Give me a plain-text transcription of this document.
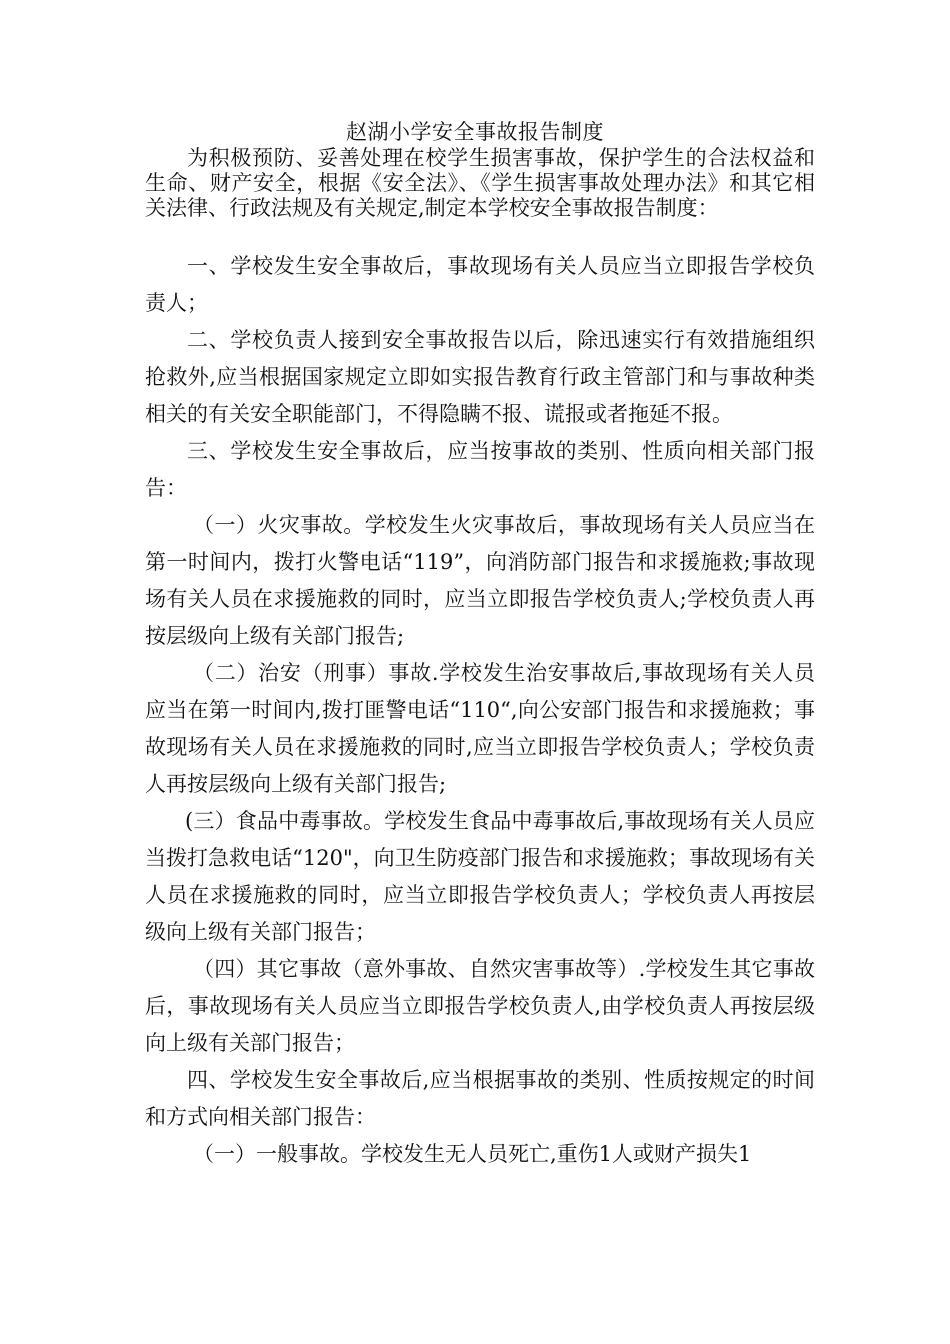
赵湖小学安全事故报告制度
为积极预防、妥善处理在校学生损害事故，保护学生的合法权益和生命、财产安全，根据《安全法》、《学生损害事故处理办法》和其它相关法律、行政法规及有关规定,制定本学校安全事故报告制度：

一、学校发生安全事故后，事故现场有关人员应当立即报告学校负责人；

二、学校负责人接到安全事故报告以后，除迅速实行有效措施组织抢救外,应当根据国家规定立即如实报告教育行政主管部门和与事故种类相关的有关安全职能部门，不得隐瞒不报、谎报或者拖延不报。

三、学校发生安全事故后，应当按事故的类别、性质向相关部门报告：

（一）火灾事故。学校发生火灾事故后，事故现场有关人员应当在第一时间内，拨打火警电话“119”，向消防部门报告和求援施救;事故现场有关人员在求援施救的同时，应当立即报告学校负责人;学校负责人再按层级向上级有关部门报告;

（二）治安（刑事）事故.学校发生治安事故后,事故现场有关人员应当在第一时间内,拨打匪警电话“110“,向公安部门报告和求援施救；事故现场有关人员在求援施救的同时,应当立即报告学校负责人；学校负责人再按层级向上级有关部门报告;

(三）食品中毒事故。学校发生食品中毒事故后,事故现场有关人员应当拨打急救电话“120"，向卫生防疫部门报告和求援施救；事故现场有关人员在求援施救的同时，应当立即报告学校负责人；学校负责人再按层级向上级有关部门报告；

（四）其它事故（意外事故、自然灾害事故等）.学校发生其它事故后，事故现场有关人员应当立即报告学校负责人,由学校负责人再按层级向上级有关部门报告；

四、学校发生安全事故后,应当根据事故的类别、性质按规定的时间和方式向相关部门报告：

（一）一般事故。学校发生无人员死亡,重伤1人或财产损失1
